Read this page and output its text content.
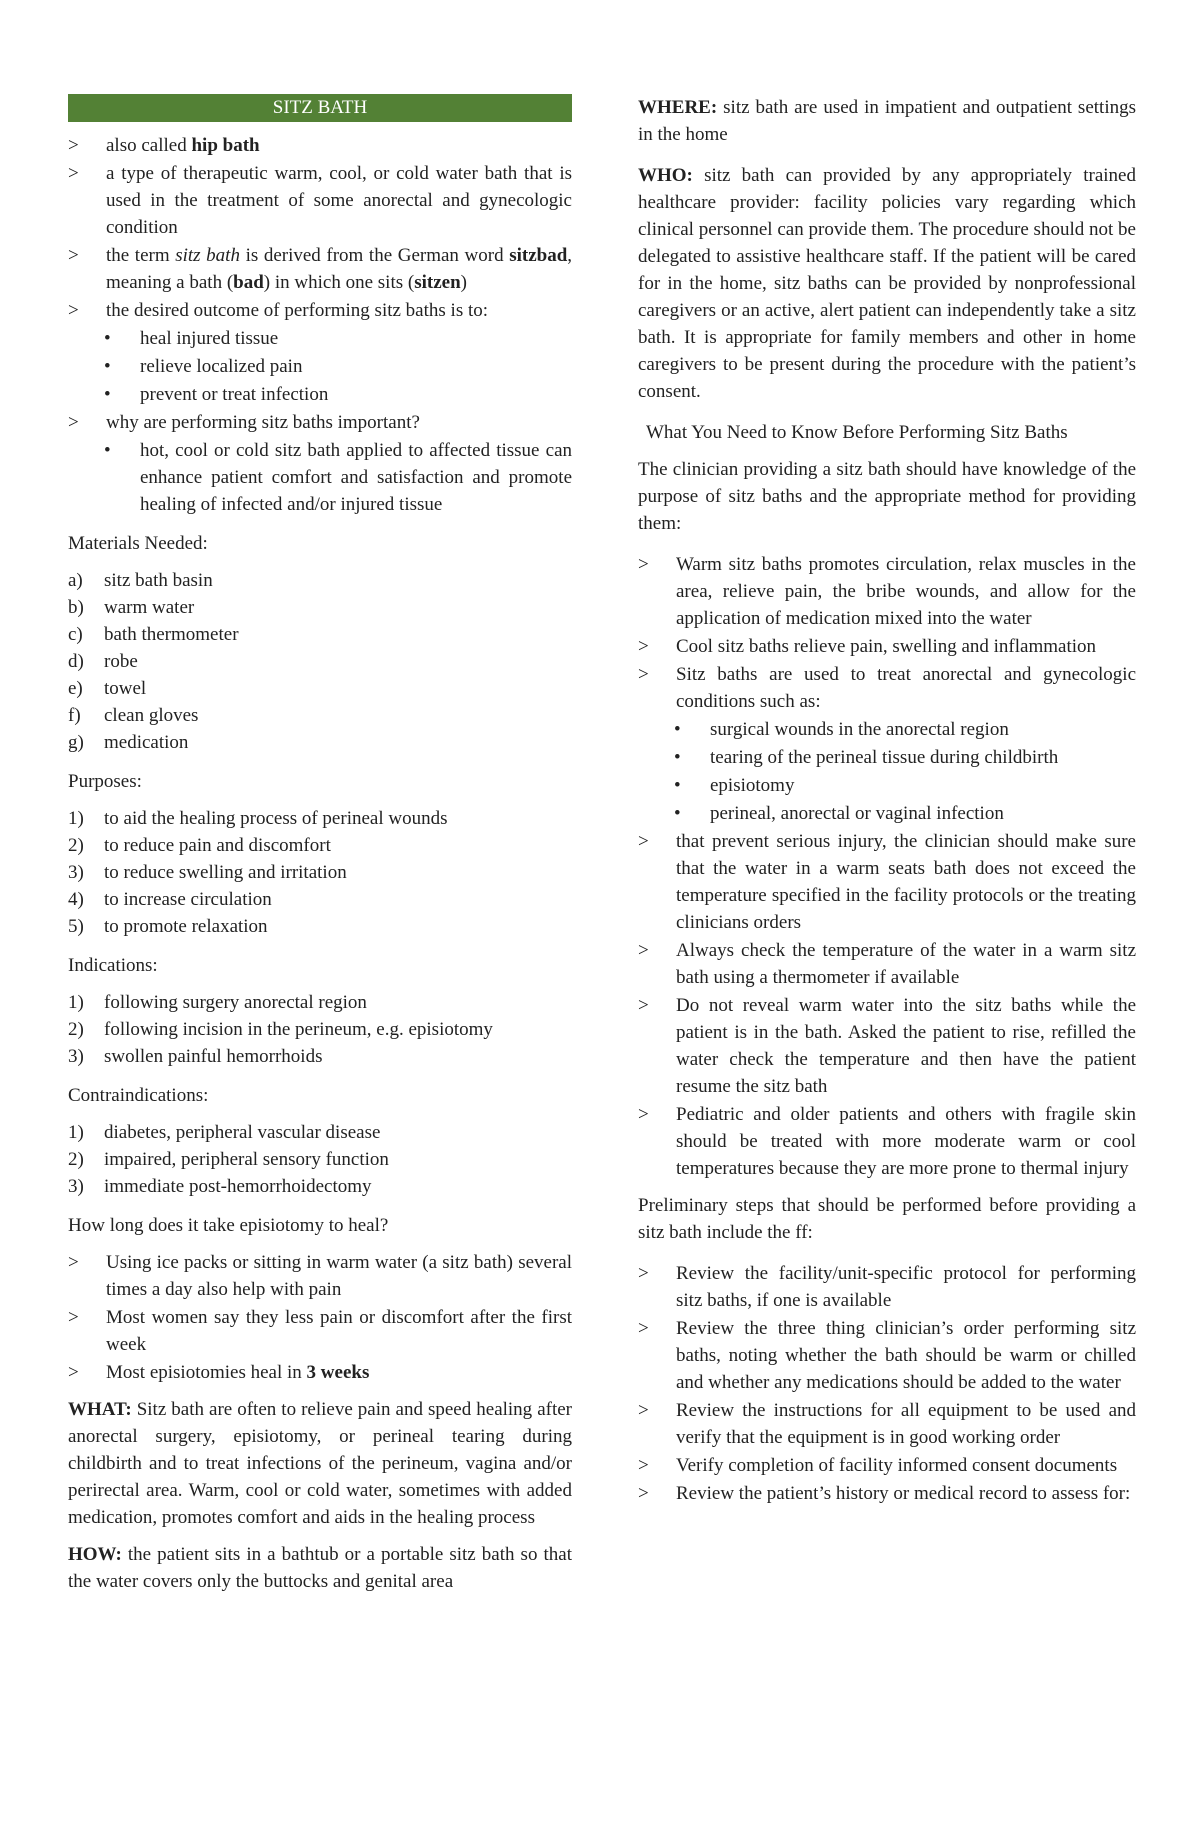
SITZ BATH
> also called hip bath
> a type of therapeutic warm, cool, or cold water bath that is used in the treatment of some anorectal and gynecologic condition
> the term sitz bath is derived from the German word sitzbad, meaning a bath (bad) in which one sits (sitzen)
> the desired outcome of performing sitz baths is to:
• heal injured tissue
• relieve localized pain
• prevent or treat infection
> why are performing sitz baths important?
• hot, cool or cold sitz bath applied to affected tissue can enhance patient comfort and satisfaction and promote healing of infected and/or injured tissue
Materials Needed:
a) sitz bath basin
b) warm water
c) bath thermometer
d) robe
e) towel
f) clean gloves
g) medication
Purposes:
1) to aid the healing process of perineal wounds
2) to reduce pain and discomfort
3) to reduce swelling and irritation
4) to increase circulation
5) to promote relaxation
Indications:
1) following surgery anorectal region
2) following incision in the perineum, e.g. episiotomy
3) swollen painful hemorrhoids
Contraindications:
1) diabetes, peripheral vascular disease
2) impaired, peripheral sensory function
3) immediate post-hemorrhoidectomy
How long does it take episiotomy to heal?
> Using ice packs or sitting in warm water (a sitz bath) several times a day also help with pain
> Most women say they less pain or discomfort after the first week
> Most episiotomies heal in 3 weeks

WHAT: Sitz bath are often to relieve pain and speed healing after anorectal surgery, episiotomy, or perineal tearing during childbirth and to treat infections of the perineum, vagina and/or perirectal area. Warm, cool or cold water, sometimes with added medication, promotes comfort and aids in the healing process

HOW: the patient sits in a bathtub or a portable sitz bath so that the water covers only the buttocks and genital area

WHERE: sitz bath are used in impatient and outpatient settings in the home

WHO: sitz bath can provided by any appropriately trained healthcare provider: facility policies vary regarding which clinical personnel can provide them. The procedure should not be delegated to assistive healthcare staff. If the patient will be cared for in the home, sitz baths can be provided by nonprofessional caregivers or an active, alert patient can independently take a sitz bath. It is appropriate for family members and other in home caregivers to be present during the procedure with the patient’s consent.

What You Need to Know Before Performing Sitz Baths

The clinician providing a sitz bath should have knowledge of the purpose of sitz baths and the appropriate method for providing them:

> Warm sitz baths promotes circulation, relax muscles in the area, relieve pain, the bribe wounds, and allow for the application of medication mixed into the water
> Cool sitz baths relieve pain, swelling and inflammation
> Sitz baths are used to treat anorectal and gynecologic conditions such as:
• surgical wounds in the anorectal region
• tearing of the perineal tissue during childbirth
• episiotomy
• perineal, anorectal or vaginal infection
> that prevent serious injury, the clinician should make sure that the water in a warm seats bath does not exceed the temperature specified in the facility protocols or the treating clinicians orders
> Always check the temperature of the water in a warm sitz bath using a thermometer if available
> Do not reveal warm water into the sitz baths while the patient is in the bath. Asked the patient to rise, refilled the water check the temperature and then have the patient resume the sitz bath
> Pediatric and older patients and others with fragile skin should be treated with more moderate warm or cool temperatures because they are more prone to thermal injury

Preliminary steps that should be performed before providing a sitz bath include the ff:

> Review the facility/unit-specific protocol for performing sitz baths, if one is available
> Review the three thing clinician’s order performing sitz baths, noting whether the bath should be warm or chilled and whether any medications should be added to the water
> Review the instructions for all equipment to be used and verify that the equipment is in good working order
> Verify completion of facility informed consent documents
> Review the patient’s history or medical record to assess for:
